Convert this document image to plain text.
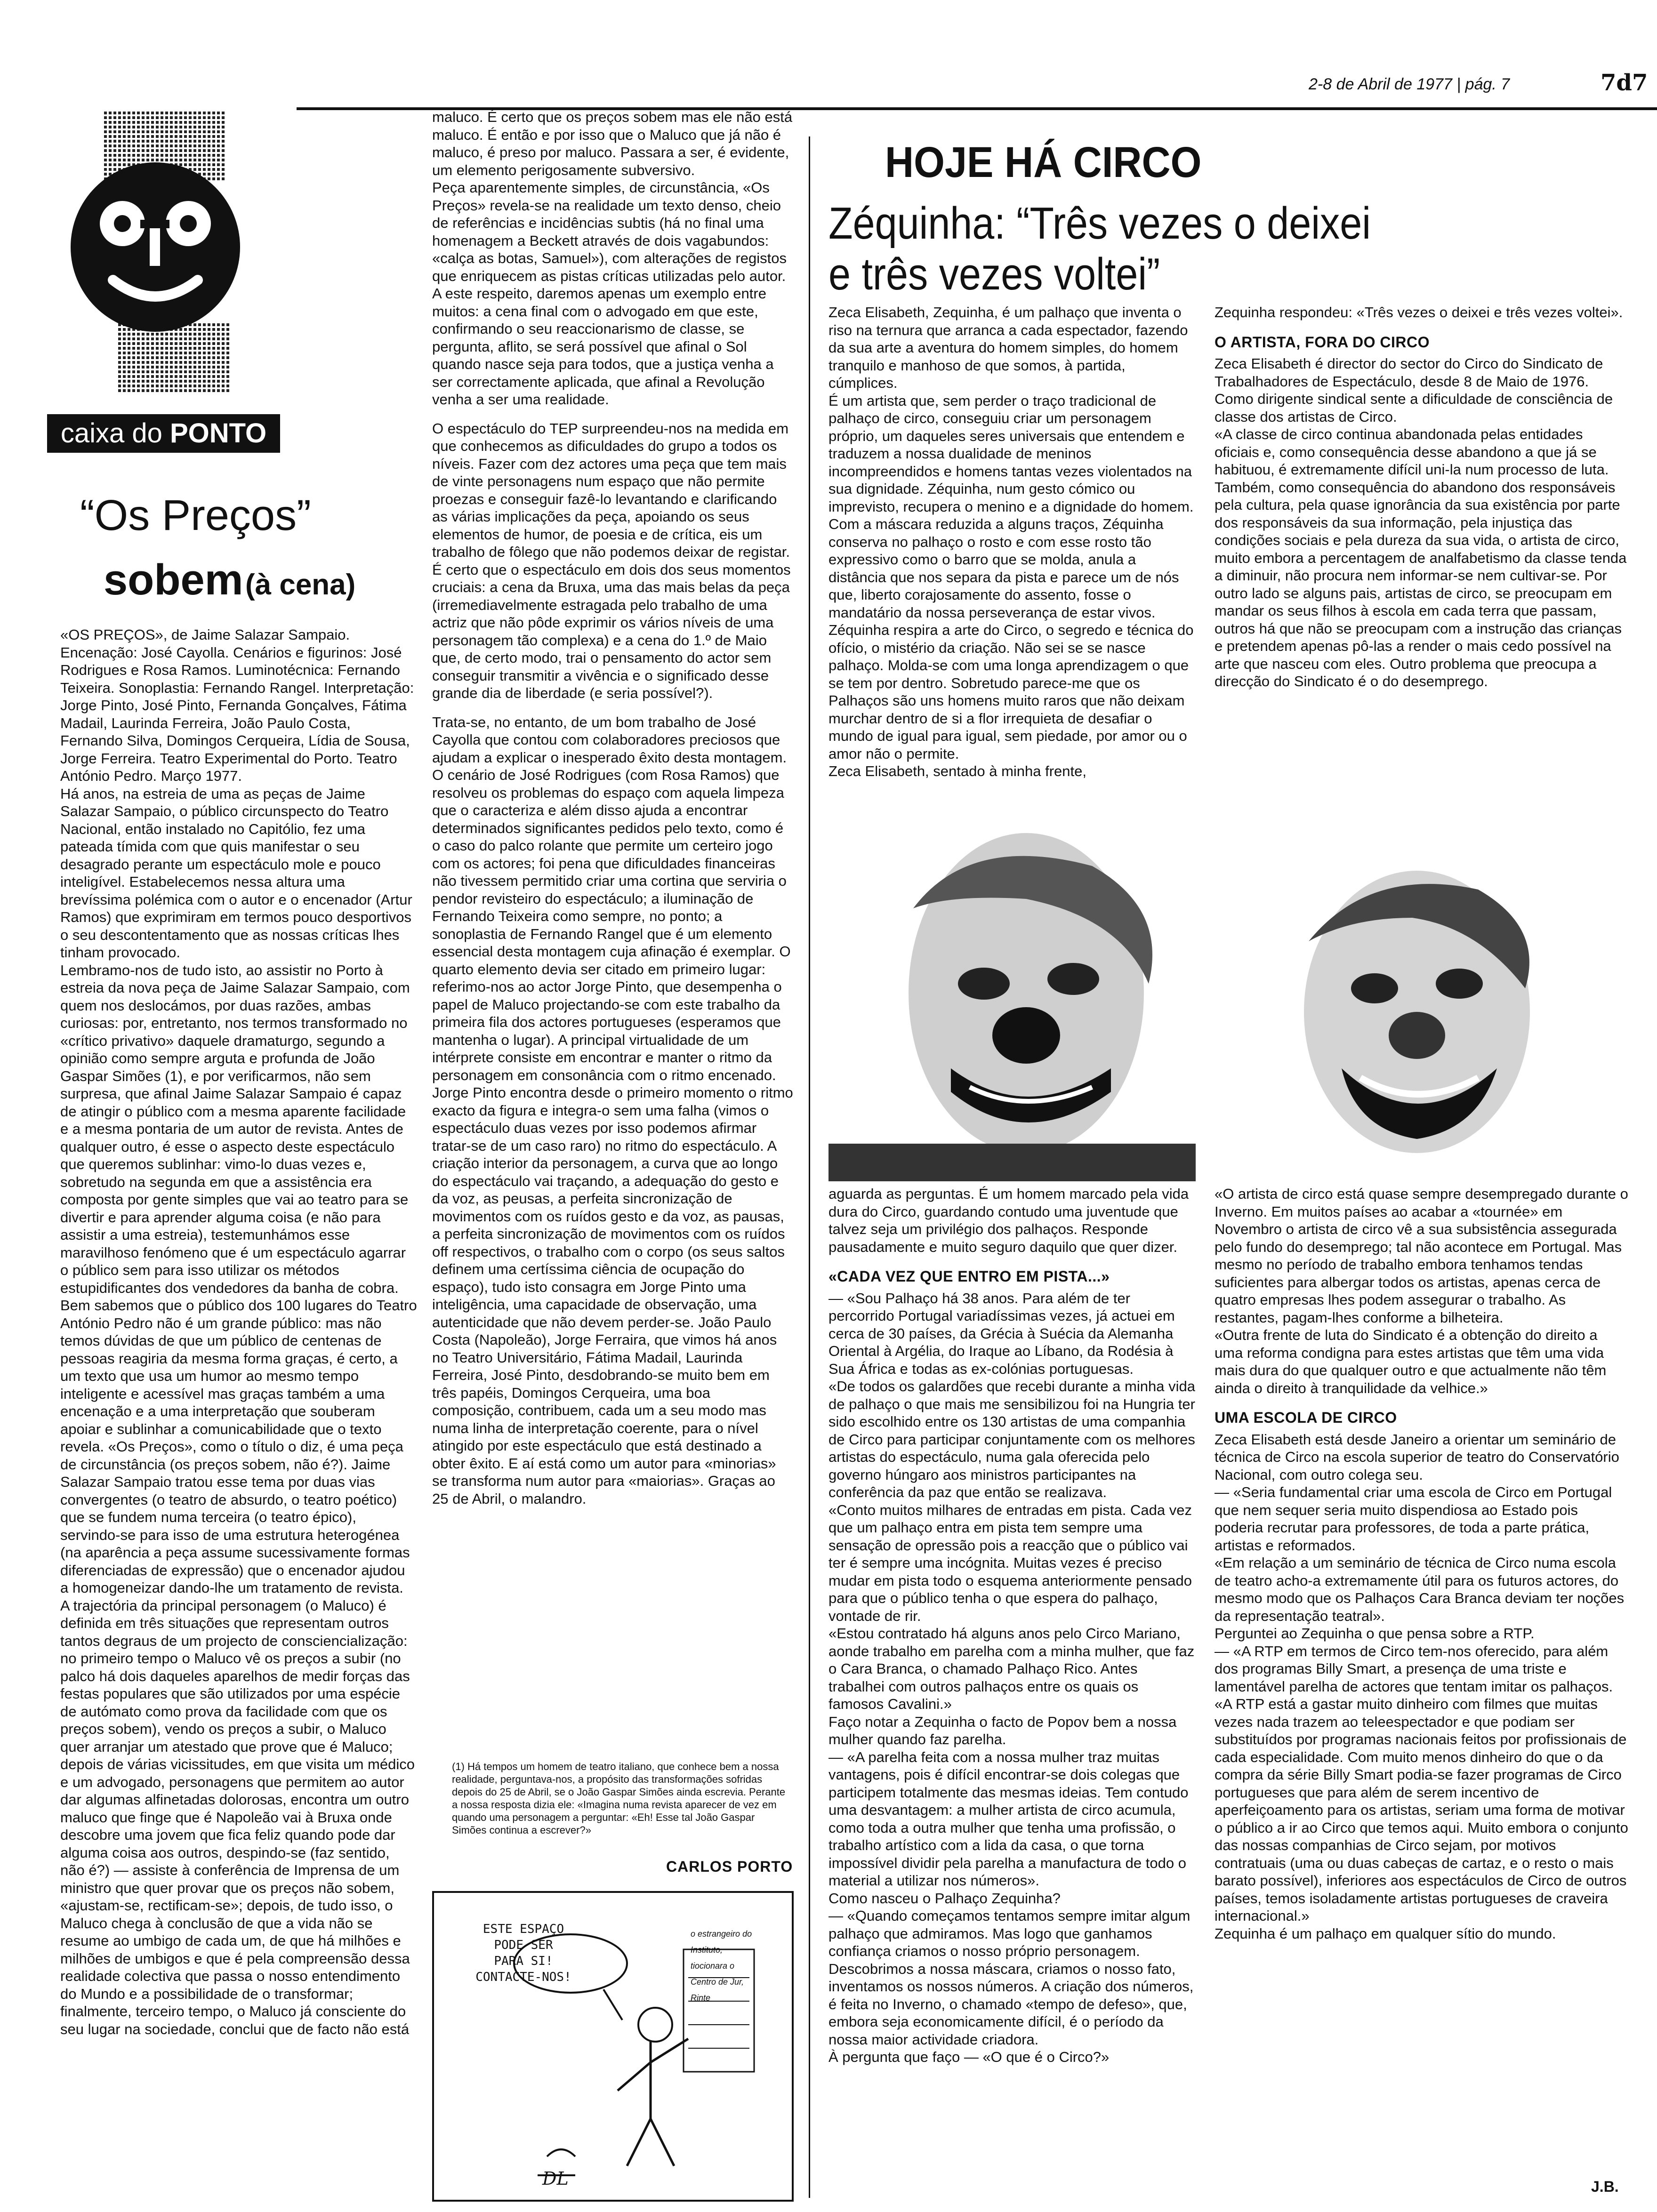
2-8 de Abril de 1977 | pág. 7	7d7
caixa do PONTO
“Os Preços”
sobem (à cena)

«OS PREÇOS», de Jaime Salazar Sampaio. Encenação: José Cayolla. Cenários e figurinos: José Rodrigues e Rosa Ramos. Luminotécnica: Fernando Teixeira. Sonoplastia: Fernando Rangel. Interpretação: Jorge Pinto, José Pinto, Fernanda Gonçalves, Fátima Madail, Laurinda Ferreira, João Paulo Costa, Fernando Silva, Domingos Cerqueira, Lídia de Sousa, Jorge Ferreira. Teatro Experimental do Porto. Teatro António Pedro. Março 1977.

Há anos, na estreia de uma as peças de Jaime Salazar Sampaio, o público circunspecto do Teatro Nacional, então instalado no Capitólio, fez uma pateada tímida com que quis manifestar o seu desagrado perante um espectáculo mole e pouco inteligível. Estabelecemos nessa altura uma brevíssima polémica com o autor e o encenador (Artur Ramos) que exprimiram em termos pouco desportivos o seu descontentamento que as nossas críticas lhes tinham provocado.

Lembramo-nos de tudo isto, ao assistir no Porto à estreia da nova peça de Jaime Salazar Sampaio, com quem nos deslocámos, por duas razões, ambas curiosas: por, entretanto, nos termos transformado no «crítico privativo» daquele dramaturgo, segundo a opinião como sempre arguta e profunda de João Gaspar Simões (1), e por verificarmos, não sem surpresa, que afinal Jaime Salazar Sampaio é capaz de atingir o público com a mesma aparente facilidade e a mesma pontaria de um autor de revista. Antes de qualquer outro, é esse o aspecto deste espectáculo que queremos sublinhar: vimo-lo duas vezes e, sobretudo na segunda em que a assistência era composta por gente simples que vai ao teatro para se divertir e para aprender alguma coisa (e não para assistir a uma estreia), testemunhámos esse maravilhoso fenómeno que é um espectáculo agarrar o público sem para isso utilizar os métodos estupidificantes dos vendedores da banha de cobra. Bem sabemos que o público dos 100 lugares do Teatro António Pedro não é um grande público: mas não temos dúvidas de que um público de centenas de pessoas reagiria da mesma forma graças, é certo, a um texto que usa um humor ao mesmo tempo inteligente e acessível mas graças também a uma encenação e a uma interpretação que souberam apoiar e sublinhar a comunicabilidade que o texto revela. «Os Preços», como o título o diz, é uma peça de circunstância (os preços sobem, não é?). Jaime Salazar Sampaio tratou esse tema por duas vias convergentes (o teatro de absurdo, o teatro poético) que se fundem numa terceira (o teatro épico), servindo-se para isso de uma estrutura heterogénea (na aparência a peça assume sucessivamente formas diferenciadas de expressão) que o encenador ajudou a homogeneizar dando-lhe um tratamento de revista.

A trajectória da principal personagem (o Maluco) é definida em três situações que representam outros tantos degraus de um projecto de consciencialização: no primeiro tempo o Maluco vê os preços a subir (no palco há dois daqueles aparelhos de medir forças das festas populares que são utilizados por uma espécie de autómato como prova da facilidade com que os preços sobem), vendo os preços a subir, o Maluco quer arranjar um atestado que prove que é Maluco; depois de várias vicissitudes, em que visita um médico e um advogado, personagens que permitem ao autor dar algumas alfinetadas dolorosas, encontra um outro maluco que finge que é Napoleão vai à Bruxa onde descobre uma jovem que fica feliz quando pode dar alguma coisa aos outros, despindo-se (faz sentido, não é?) — assiste à conferência de Imprensa de um ministro que quer provar que os preços não sobem, «ajustam-se, rectificam-se»; depois, de tudo isso, o Maluco chega à conclusão de que a vida não se resume ao umbigo de cada um, de que há milhões e milhões de umbigos e que é pela compreensão dessa realidade colectiva que passa o nosso entendimento do Mundo e a possibilidade de o transformar; finalmente, terceiro tempo, o Maluco já consciente do seu lugar na sociedade, conclui que de facto não está

maluco. É certo que os preços sobem mas ele não está maluco. É então e por isso que o Maluco que já não é maluco, é preso por maluco. Passara a ser, é evidente, um elemento perigosamente subversivo.

Peça aparentemente simples, de circunstância, «Os Preços» revela-se na realidade um texto denso, cheio de referências e incidências subtis (há no final uma homenagem a Beckett através de dois vagabundos: «calça as botas, Samuel»), com alterações de registos que enriquecem as pistas críticas utilizadas pelo autor. A este respeito, daremos apenas um exemplo entre muitos: a cena final com o advogado em que este, confirmando o seu reaccionarismo de classe, se pergunta, aflito, se será possível que afinal o Sol quando nasce seja para todos, que a justiça venha a ser correctamente aplicada, que afinal a Revolução venha a ser uma realidade.

O espectáculo do TEP surpreendeu-nos na medida em que conhecemos as dificuldades do grupo a todos os níveis. Fazer com dez actores uma peça que tem mais de vinte personagens num espaço que não permite proezas e conseguir fazê-lo levantando e clarificando as várias implicações da peça, apoiando os seus elementos de humor, de poesia e de crítica, eis um trabalho de fôlego que não podemos deixar de registar. É certo que o espectáculo em dois dos seus momentos cruciais: a cena da Bruxa, uma das mais belas da peça (irremediavelmente estragada pelo trabalho de uma actriz que não pôde exprimir os vários níveis de uma personagem tão complexa) e a cena do 1.º de Maio que, de certo modo, trai o pensamento do actor sem conseguir transmitir a vivência e o significado desse grande dia de liberdade (e seria possível?).

Trata-se, no entanto, de um bom trabalho de José Cayolla que contou com colaboradores preciosos que ajudam a explicar o inesperado êxito desta montagem. O cenário de José Rodrigues (com Rosa Ramos) que resolveu os problemas do espaço com aquela limpeza que o caracteriza e além disso ajuda a encontrar determinados significantes pedidos pelo texto, como é o caso do palco rolante que permite um certeiro jogo com os actores; foi pena que dificuldades financeiras não tivessem permitido criar uma cortina que serviria o pendor revisteiro do espectáculo; a iluminação de Fernando Teixeira como sempre, no ponto; a sonoplastia de Fernando Rangel que é um elemento essencial desta montagem cuja afinação é exemplar. O quarto elemento devia ser citado em primeiro lugar: referimo-nos ao actor Jorge Pinto, que desempenha o papel de Maluco projectando-se com este trabalho da primeira fila dos actores portugueses (esperamos que mantenha o lugar). A principal virtualidade de um intérprete consiste em encontrar e manter o ritmo da personagem em consonância com o ritmo encenado. Jorge Pinto encontra desde o primeiro momento o ritmo exacto da figura e integra-o sem uma falha (vimos o espectáculo duas vezes por isso podemos afirmar tratar-se de um caso raro) no ritmo do espectáculo. A criação interior da personagem, a curva que ao longo do espectáculo vai traçando, a adequação do gesto e da voz, as peusas, a perfeita sincronização de movimentos com os ruídos gesto e da voz, as pausas, a perfeita sincronização de movimentos com os ruídos off respectivos, o trabalho com o corpo (os seus saltos definem uma certíssima ciência de ocupação do espaço), tudo isto consagra em Jorge Pinto uma inteligência, uma capacidade de observação, uma autenticidade que não devem perder-se. João Paulo Costa (Napoleão), Jorge Ferraira, que vimos há anos no Teatro Universitário, Fátima Madail, Laurinda Ferreira, José Pinto, desdobrando-se muito bem em três papéis, Domingos Cerqueira, uma boa composição, contribuem, cada um a seu modo mas numa linha de interpretação coerente, para o nível atingido por este espectáculo que está destinado a obter êxito. E aí está como um autor para «minorias» se transforma num autor para «maiorias». Graças ao 25 de Abril, o malandro.

(1) Há tempos um homem de teatro italiano, que conhece bem a nossa realidade, perguntava-nos, a propósito das transformações sofridas depois do 25 de Abril, se o João Gaspar Simões ainda escrevia. Perante a nossa resposta dizia ele: «Imagina numa revista aparecer de vez em quando uma personagem a perguntar: «Eh! Esse tal João Gaspar Simões continua a escrever?»
CARLOS PORTO
DL
ESTE ESPAÇO
PODE SER
PARA SI!
CONTACTE-NOS!
o estrangeiro do Instituto, tiocionara o Centro de Jur, Rinte
HOJE HÁ CIRCO
Zéquinha: “Três vezes o deixei
e três vezes voltei”

Zeca Elisabeth, Zequinha, é um palhaço que inventa o riso na ternura que arranca a cada espectador, fazendo da sua arte a aventura do homem simples, do homem tranquilo e manhoso de que somos, à partida, cúmplices.

É um artista que, sem perder o traço tradicional de palhaço de circo, conseguiu criar um personagem próprio, um daqueles seres universais que entendem e traduzem a nossa dualidade de meninos incompreendidos e homens tantas vezes violentados na sua dignidade. Zéquinha, num gesto cómico ou imprevisto, recupera o menino e a dignidade do homem.

Com a máscara reduzida a alguns traços, Zéquinha conserva no palhaço o rosto e com esse rosto tão expressivo como o barro que se molda, anula a distância que nos separa da pista e parece um de nós que, liberto corajosamente do assento, fosse o mandatário da nossa perseverança de estar vivos.

Zéquinha respira a arte do Circo, o segredo e técnica do ofício, o mistério da criação. Não sei se se nasce palhaço. Molda-se com uma longa aprendizagem o que se tem por dentro. Sobretudo parece-me que os Palhaços são uns homens muito raros que não deixam murchar dentro de si a flor irrequieta de desafiar o mundo de igual para igual, sem piedade, por amor ou o amor não o permite.

Zeca Elisabeth, sentado à minha frente,

aguarda as perguntas. É um homem marcado pela vida dura do Circo, guardando contudo uma juventude que talvez seja um privilégio dos palhaços. Responde pausadamente e muito seguro daquilo que quer dizer.

«CADA VEZ QUE ENTRO EM PISTA...»

— «Sou Palhaço há 38 anos. Para além de ter percorrido Portugal variadíssimas vezes, já actuei em cerca de 30 países, da Grécia à Suécia da Alemanha Oriental à Argélia, do Iraque ao Líbano, da Rodésia à Sua África e todas as ex-colónias portuguesas.

«De todos os galardões que recebi durante a minha vida de palhaço o que mais me sensibilizou foi na Hungria ter sido escolhido entre os 130 artistas de uma companhia de Circo para participar conjuntamente com os melhores artistas do espectáculo, numa gala oferecida pelo governo húngaro aos ministros participantes na conferência da paz que então se realizava.

«Conto muitos milhares de entradas em pista. Cada vez que um palhaço entra em pista tem sempre uma sensação de opressão pois a reacção que o público vai ter é sempre uma incógnita. Muitas vezes é preciso mudar em pista todo o esquema anteriormente pensado para que o público tenha o que espera do palhaço, vontade de rir.

«Estou contratado há alguns anos pelo Circo Mariano, aonde trabalho em parelha com a minha mulher, que faz o Cara Branca, o chamado Palhaço Rico. Antes trabalhei com outros palhaços entre os quais os famosos Cavalini.»

Faço notar a Zequinha o facto de Popov bem a nossa mulher quando faz parelha.

— «A parelha feita com a nossa mulher traz muitas vantagens, pois é difícil encontrar-se dois colegas que participem totalmente das mesmas ideias. Tem contudo uma desvantagem: a mulher artista de circo acumula, como toda a outra mulher que tenha uma profissão, o trabalho artístico com a lida da casa, o que torna impossível dividir pela parelha a manufactura de todo o material a utilizar nos números».

Como nasceu o Palhaço Zequinha?

— «Quando começamos tentamos sempre imitar algum palhaço que admiramos. Mas logo que ganhamos confiança criamos o nosso próprio personagem. Descobrimos a nossa máscara, criamos o nosso fato, inventamos os nossos números. A criação dos números, é feita no Inverno, o chamado «tempo de defeso», que, embora seja economicamente difícil, é o período da nossa maior actividade criadora.

À pergunta que faço — «O que é o Circo?»

Zequinha respondeu: «Três vezes o deixei e três vezes voltei».

O ARTISTA, FORA DO CIRCO

Zeca Elisabeth é director do sector do Circo do Sindicato de Trabalhadores de Espectáculo, desde 8 de Maio de 1976. Como dirigente sindical sente a dificuldade de consciência de classe dos artistas de Circo.

«A classe de circo continua abandonada pelas entidades oficiais e, como consequência desse abandono a que já se habituou, é extremamente difícil uni-la num processo de luta. Também, como consequência do abandono dos responsáveis pela cultura, pela quase ignorância da sua existência por parte dos responsáveis da sua informação, pela injustiça das condições sociais e pela dureza da sua vida, o artista de circo, muito embora a percentagem de analfabetismo da classe tenda a diminuir, não procura nem informar-se nem cultivar-se. Por outro lado se alguns pais, artistas de circo, se preocupam em mandar os seus filhos à escola em cada terra que passam, outros há que não se preocupam com a instrução das crianças e pretendem apenas pô-las a render o mais cedo possível na arte que nasceu com eles. Outro problema que preocupa a direcção do Sindicato é o do desemprego.

«O artista de circo está quase sempre desempregado durante o Inverno. Em muitos países ao acabar a «tournée» em Novembro o artista de circo vê a sua subsistência assegurada pelo fundo do desemprego; tal não acontece em Portugal. Mas mesmo no período de trabalho embora tenhamos tendas suficientes para albergar todos os artistas, apenas cerca de quatro empresas lhes podem assegurar o trabalho. As restantes, pagam-lhes conforme a bilheteira.

«Outra frente de luta do Sindicato é a obtenção do direito a uma reforma condigna para estes artistas que têm uma vida mais dura do que qualquer outro e que actualmente não têm ainda o direito à tranquilidade da velhice.»

UMA ESCOLA DE CIRCO

Zeca Elisabeth está desde Janeiro a orientar um seminário de técnica de Circo na escola superior de teatro do Conservatório Nacional, com outro colega seu.

— «Seria fundamental criar uma escola de Circo em Portugal que nem sequer seria muito dispendiosa ao Estado pois poderia recrutar para professores, de toda a parte prática, artistas e reformados.

«Em relação a um seminário de técnica de Circo numa escola de teatro acho-a extremamente útil para os futuros actores, do mesmo modo que os Palhaços Cara Branca deviam ter noções da representação teatral».

Perguntei ao Zequinha o que pensa sobre a RTP.

— «A RTP em termos de Circo tem-nos oferecido, para além dos programas Billy Smart, a presença de uma triste e lamentável parelha de actores que tentam imitar os palhaços.

«A RTP está a gastar muito dinheiro com filmes que muitas vezes nada trazem ao teleespectador e que podiam ser substituídos por programas nacionais feitos por profissionais de cada especialidade. Com muito menos dinheiro do que o da compra da série Billy Smart podia-se fazer programas de Circo portugueses que para além de serem incentivo de aperfeiçoamento para os artistas, seriam uma forma de motivar o público a ir ao Circo que temos aqui. Muito embora o conjunto das nossas companhias de Circo sejam, por motivos contratuais (uma ou duas cabeças de cartaz, e o resto o mais barato possível), inferiores aos espectáculos de Circo de outros países, temos isoladamente artistas portugueses de craveira internacional.»

Zequinha é um palhaço em qualquer sítio do mundo.

J.B.
